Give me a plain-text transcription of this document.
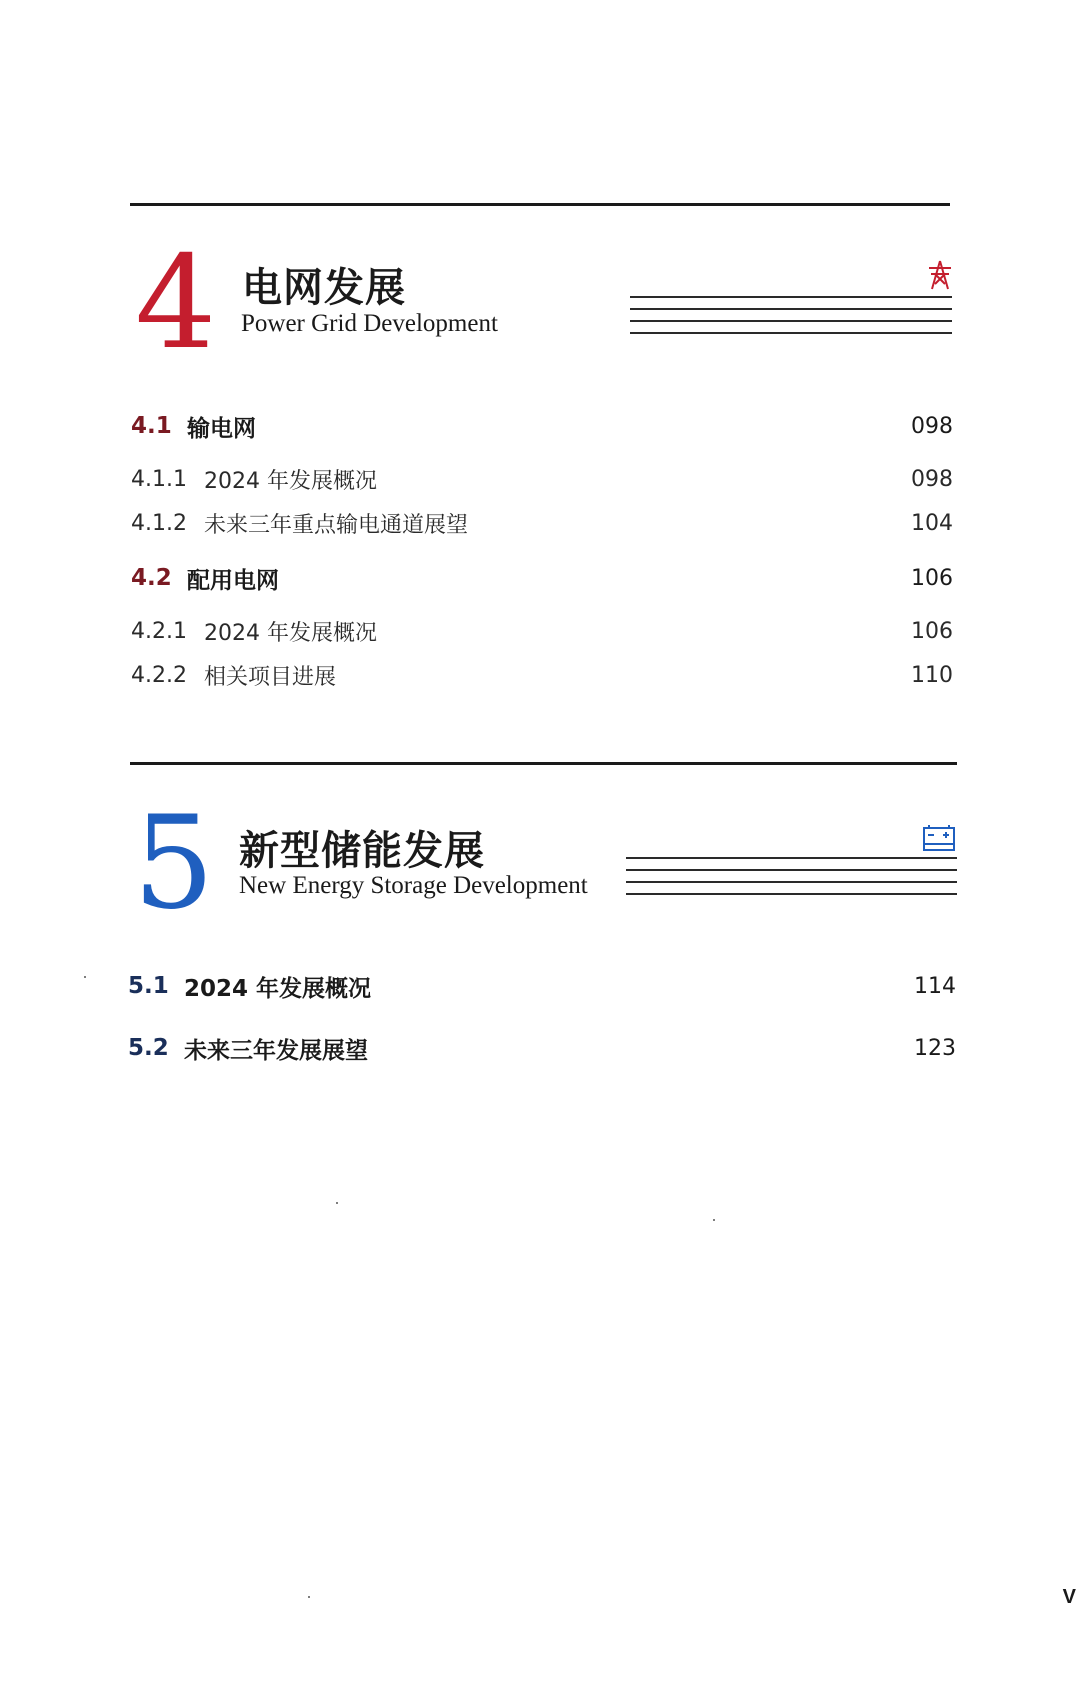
4 电网发展
Power Grid Development
4.1 输电网	098
4.1.1 2024 年发展概况	098
4.1.2 未来三年重点输电通道展望	104
4.2 配用电网	106
4.2.1 2024 年发展概况	106
4.2.2 相关项目进展	110
5 新型储能发展
New Energy Storage Development
5.1 2024 年发展概况	114
5.2 未来三年发展展望	123
V
